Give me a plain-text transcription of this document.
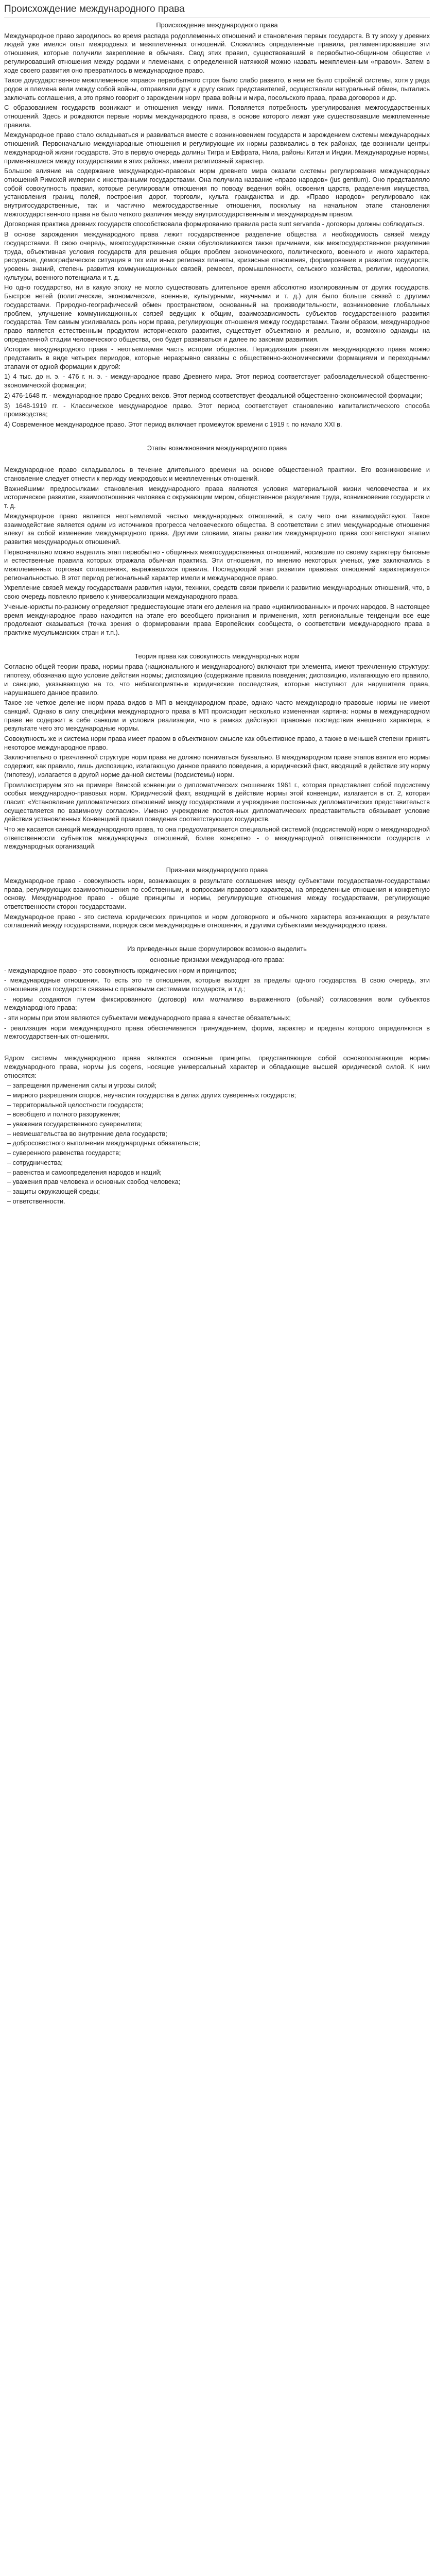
Происхождение международного права

Происхождение международного права

Международное право зародилось во время распада родоплеменных отношений и становления первых государств. В ту эпоху у древних людей уже имелся опыт межродовых и межплеменных отношений. Сложились определенные правила, регламентировавшие эти отношения, которые получили закрепление в обычаях. Свод этих правил, существовавший в первобытно-общинном обществе и регулировавший отношения между родами и племенами, с определенной натяжкой можно назвать межплеменным «правом». Затем в ходе своего развития оно превратилось в международное право.

Такое доусударственное межплеменное «право» первобытного строя было слабо развито, в нем не было стройной системы, хотя у ряда родов и племена вели между собой войны, отправляли друг к другу своих представителей, осуществляли натуральный обмен, пытались заключать соглашения, а это прямо говорит о зарождении норм права войны и мира, посольского права, права договоров и др.

С образованием государств возникают и отношения между ними. Появляется потребность урегулирования межгосударственных отношений. Здесь и рождаются первые нормы международного права, в основе которого лежат уже существовавшие межплеменные правила.

Международное право стало складываться и развиваться вместе с возникновением государств и зарождением системы международных отношений. Первоначально международные отношения и регулирующие их нормы развивались в тех районах, где возникали центры международной жизни государств. Это в первую очередь долины Тигра и Евфрата, Нила, районы Китая и Индии. Международные нормы, применявшиеся между государствами в этих районах, имели религиозный характер.

Большое влияние на содержание международно-правовых норм древнего мира оказали системы регулирования международных отношений Римской империи с иностранными государствами. Она получила название «право народов» (jus gentium). Оно представляло собой совокупность правил, которые регулировали отношения по поводу ведения войн, освоения царств, разделения имущества, установления границ полей, построения дорог, торговли, культа гражданства и др. «Право народов» регулировало как внутригосударственные, так и частично межгосударственные отношения, поскольку на начальном этапе становления межгосударственного права не было четкого различия между внутригосударственным и международным правом.

Договорная практика древних государств способствовала формированию правила pacta sunt servanda - договоры должны соблюдаться.

В основе зарождения международного права лежит государственное разделение общества и необходимость связей между государствами. В свою очередь, межгосударственные связи обусловливаются также причинами, как межгосударственное разделение труда, объективная условия государств для решения общих проблем экономического, политического, военного и иного характера, ресурсное, демографическое ситуация в тех или иных регионах планеты, кризисные отношения, формирование и развитие государств, уровень знаний, степень развития коммуникационных связей, ремесел, промышленности, сельского хозяйства, религии, идеологии, культуры, военного потенциала и т. д.

Но одно государство, ни в какую эпоху не могло существовать длительное время абсолютно изолированным от других государств. Быстрое нетей (политические, экономические, военные, культурными, научными и т. д.) для было больше связей с другими государствами. Природно-географический обмен пространством, основанный на производительности, возникновение глобальных проблем, улучшение коммуникационных связей ведущих к общим, взаимозависимость субъектов государственного развития государства. Тем самым усиливалась роль норм права, регулирующих отношения между государствами. Таким образом, международное право является естественным продуктом исторического развития, существует объективно и реально, и, возможно однажды на определенной стадии человеческого общества, оно будет развиваться и далее по законам развитиия.

История международного права - неотъемлемая часть истории общества. Периодизация развития международного права можно представить в виде четырех периодов, которые неразрывно связаны с общественно-экономическими формациями и переходными этапами от одной формации к другой:

1) 4 тыс. до н. э. - 476 г. н. э. - международное право Древнего мира. Этот период соответствует рабовладельческой общественно-экономической формации;

2) 476-1648 гг. - международное право Средних веков. Этот период соответствует феодальной общественно-экономической формации;

3) 1648-1919 гг. - Классическое международное право. Этот период соответствует становлению капиталистического способа производства;

4) Современное международное право. Этот период включает промежуток времени с 1919 г. по начало XXI в.

Этапы возникновения международного права

Международное право складывалось в течение длительного времени на основе общественной практики. Его возникновение и становление следует отнести к периоду межродовых и межплеменных отношений.

Важнейшими предпосылками становления международного права являются условия материальной жизни человечества и их историческое развитие, взаимоотношения человека с окружающим миром, общественное разделение труда, возникновение государств и т. д.

Международное право является неотъемлемой частью международных отношений, в силу чего они взаимодействуют. Такое взаимодействие является одним из источников прогресса человеческого общества. В соответствии с этим международные отношения влекут за собой изменение международного права. Другими словами, этапы развития международного права соответствуют этапам развития международных отношений.

Первоначально можно выделить этап первобытно - общинных межгосударственных отношений, носившие по своему характеру бытовые и естественные правила которых отражала обычная практика. Эти отношения, по мнению некоторых ученых, уже заключались в межплеменных торговых соглашениях, выражавшихся правила. Последующий этап развития правовых отношений характеризуется региональностью. В этот период региональный характер имели и международное право.

Укрепление связей между государствами развития науки, техники, средств связи привели к развитию международных отношений, что, в свою очередь повлекло привело к универсализации международного права.

Ученые-юристы по-разному определяют предшествующие этаги его деления на право «цивилизованных» и прочих народов. В настоящее время международное право находится на этапе его всеобщего признания и применения, хотя региональные тенденции все еще продолжают сказываться (точка зрения о формировании права Европейских сообществ, о соответствии международного права в практике мусульманских стран и т.п.).

Теория права как совокупность международных норм

Согласно общей теории права, нормы права (национального и международного) включают три элемента, имеют трехчленную структуру: гипотезу, обозначаю щую условие действия нормы; диспозицию (содержание правила поведения; диспозицию, излагающую его правило, и санкцию, указывающую на то, что неблагоприятные юридические последствия, которые наступают для нарушителя права, нарушившего данное правило.

Такое же четкое деление норм права видов в МП в международном праве, однако часто международно-правовые нормы не имеют санкций. Однако в силу специфики международного права в МП происходит несколько измененная картина: нормы в международном праве не содержит в себе санкции и условия реализации, что в рамках действуют правовые последствия внешнего характера, в результате чего это международные нормы.

Совокупность же и система норм права имеет правом в объективном смысле как объективное право, а также в меньшей степени принять некоторое международное право.

Заключительно о трехчленной структуре норм права не должно пониматься буквально. В международном праве этапов взятия его нормы содержит, как правило, лишь диспозицию, излагающую данное правило поведения, а юридический факт, вводящий в действие эту норму (гипотезу), излагается в другой норме данной системы (подсистемы) норм.

Проиллюстрируем это на примере Венской конвенции о дипломатических сношениях 1961 г., которая представляет собой подсистему особых международно-правовых норм. Юридический факт, вводящий в действие нормы этой конвенции, излагается в ст. 2, которая гласит: «Установление дипломатических отношений между государствами и учреждение постоянных дипломатических представительств осуществляется по взаимному согласию». Именно учреждение постоянных дипломатических представительств обязывает условие действия установленных Конвенцией правил поведения соответствующих государств.

Что же касается санкций международного права, то она предусматривается специальной системой (подсистемой) норм о международной ответственности субъектов международных отношений, более конкретно - о международной ответственности государств и международных организаций.

Признаки международного права

Международное право - совокупность норм, возникающих в результате соглашения между субъектами государствами-государствами права, регулирующих взаимоотношения по собственным, и вопросами правового характера, на определенные отношения и конкретную основу. Международное право - общие принципы и нормы, регулирующие отношения между государствами, регулирующие ответственности сторон государствами.

Международное право - это система юридических принципов и норм договорного и обычного характера возникающих в результате соглашений между государствами, порядок свои международные отношения, и другими субъектами международного права.

Из приведенных выше формулировок возможно выделить

основные признаки международного права:

- международное право - это совокупность юридических норм и принципов;

- международные отношения. То есть это те отношения, которые выходят за пределы одного государства. В свою очередь, эти отношения для государств связаны с правовыми системами государств, и т.д.;

- нормы создаются путем фиксированного (договор) или молчаливо выраженного (обычай) согласования воли субъектов международного права;

- эти нормы при этом являются субъектами международного права в качестве обязательных;

- реализация норм международного права обеспечивается принуждением, форма, характер и пределы которого определяются в межгосударственных отношениях.

Ядром системы международного права являются основные принципы, представляющие собой основополагающие нормы международного права, нормы jus cogens, носящие универсальный характер и обладающие высшей юридической силой. К ним относятся:

– запрещения применения силы и угрозы силой;
– мирного разрешения споров, неучастия государства в делах других суверенных государств;
– территориальной целостности государств;
– всеобщего и полного разоружения;
– уважения государственного суверенитета;
– невмешательства во внутренние дела государств;
– добросовестного выполнения международных обязательств;
– суверенного равенства государств;
– сотрудничества;
– равенства и самоопределения народов и наций;
– уважения прав человека и основных свобод человека;
– защиты окружающей среды;
– ответственности.
